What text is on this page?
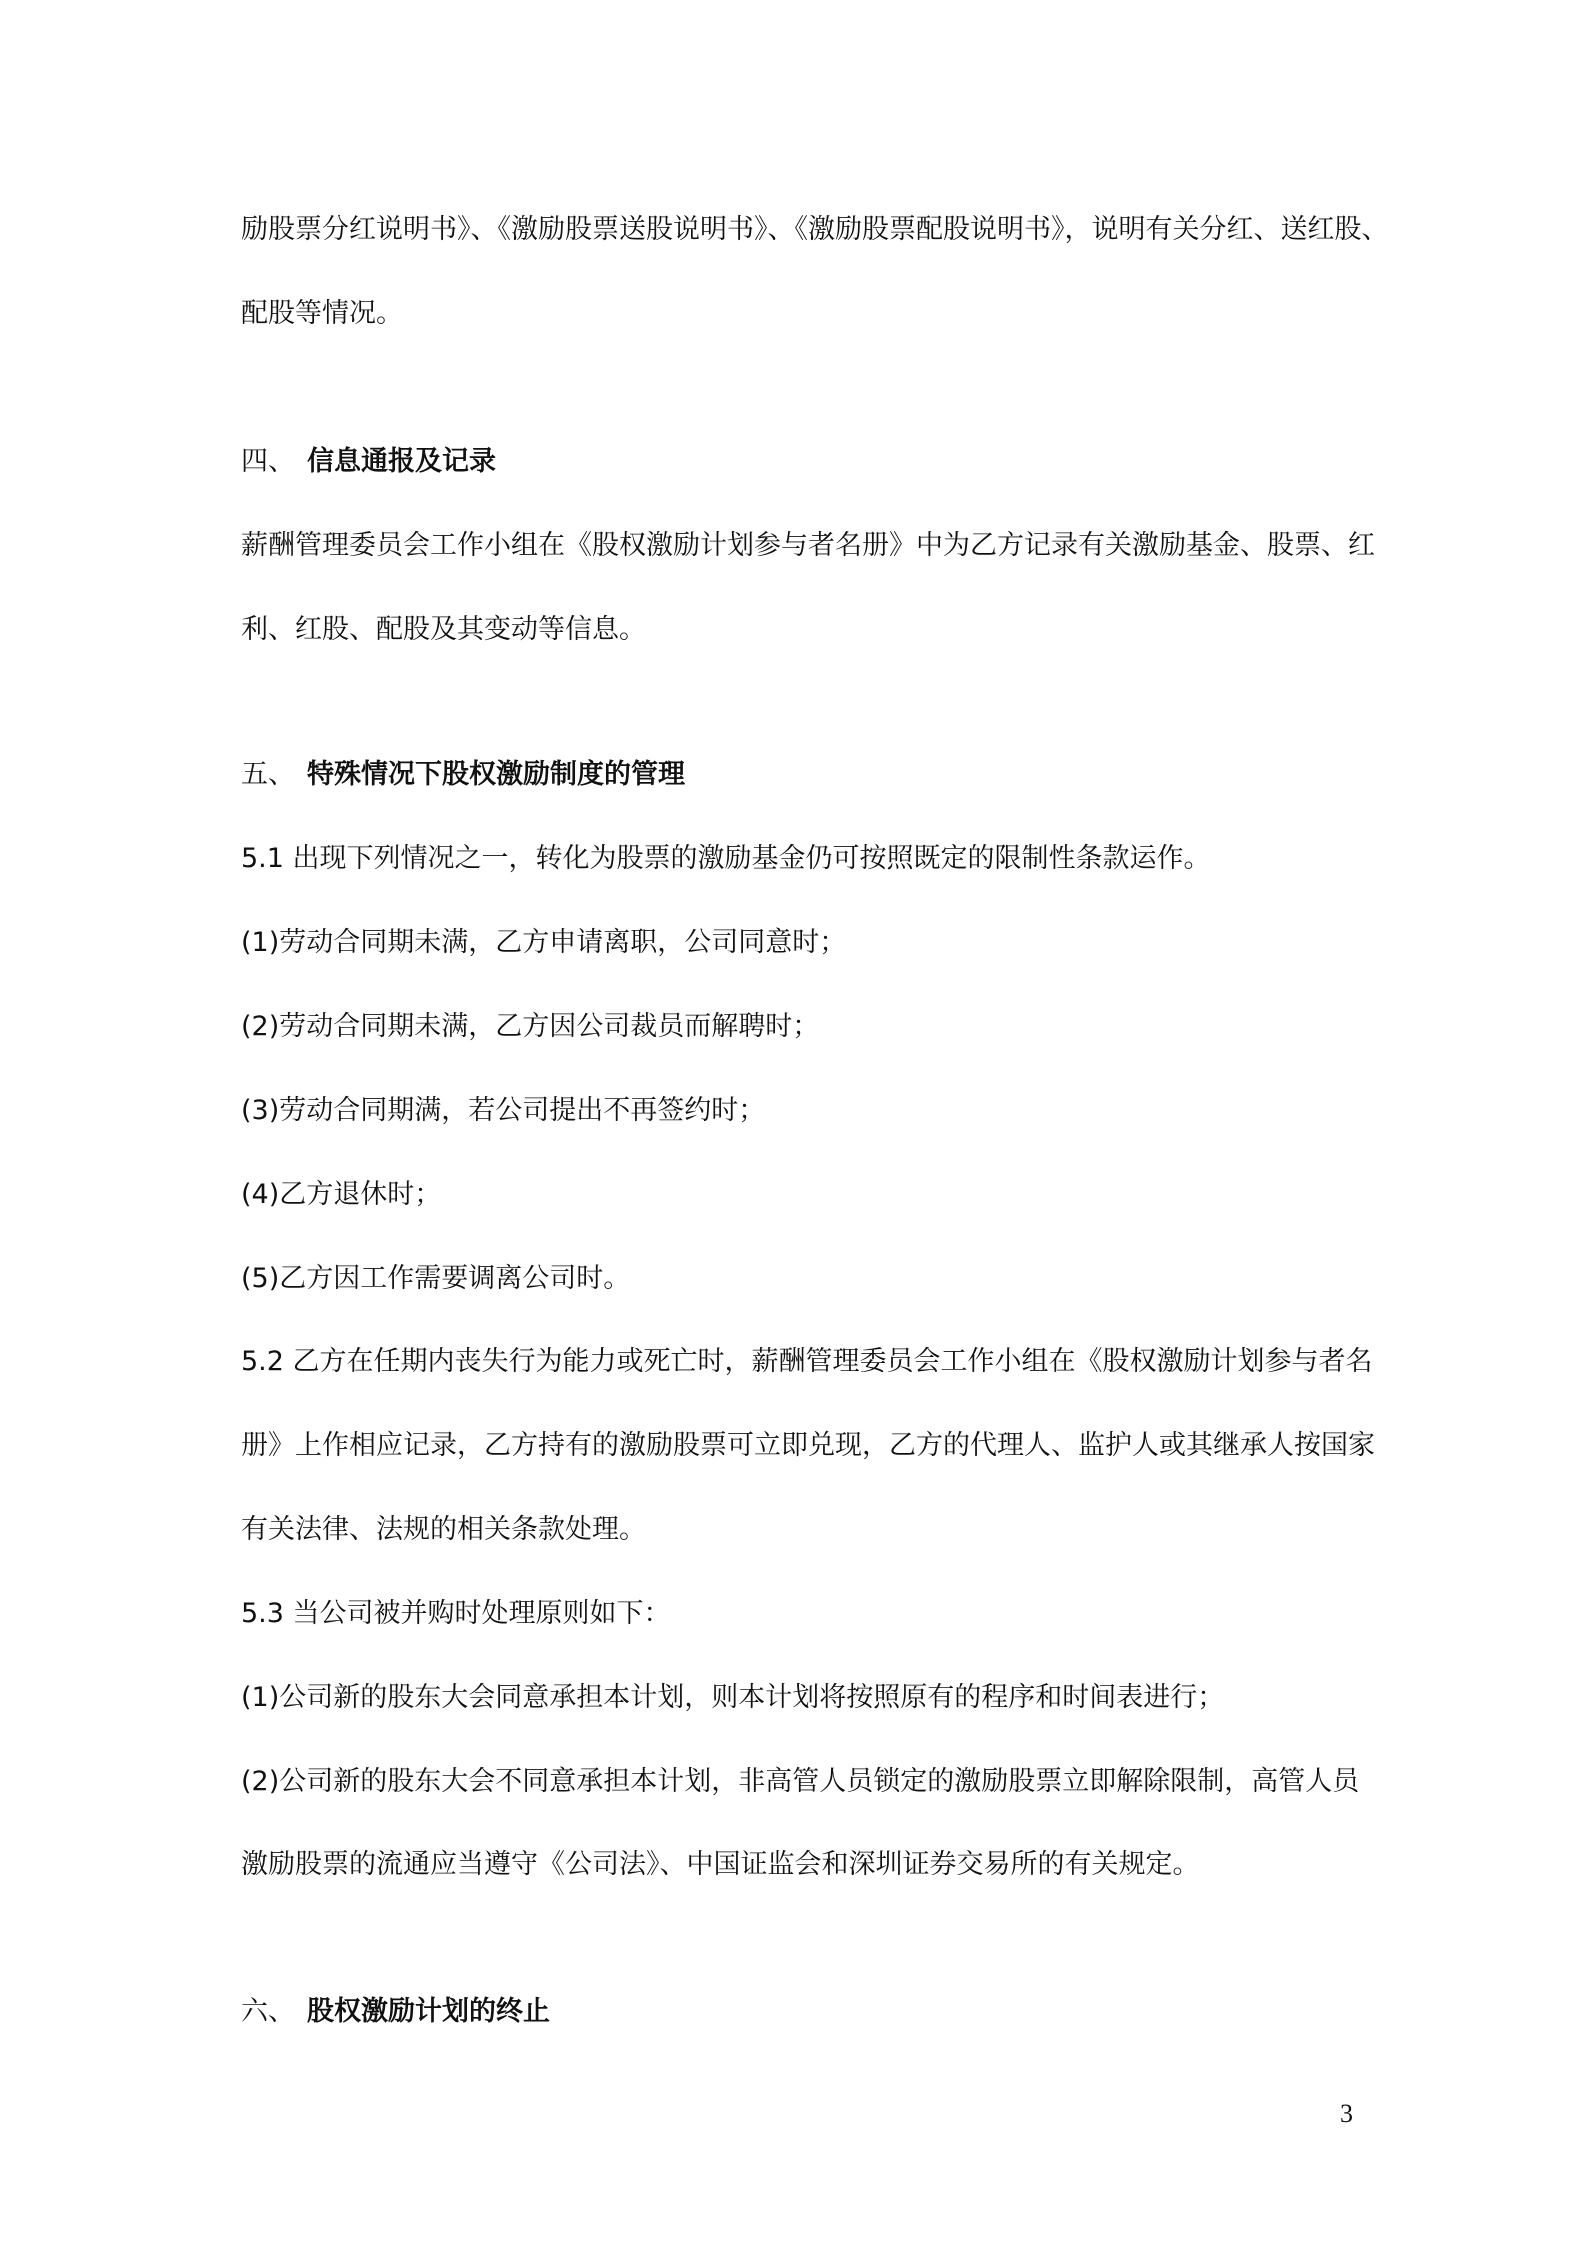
励股票分红说明书》、《激励股票送股说明书》、《激励股票配股说明书》，说明有关分红、送红股、
配股等情况。
四、 信息通报及记录
薪酬管理委员会工作小组在《股权激励计划参与者名册》中为乙方记录有关激励基金、股票、红
利、红股、配股及其变动等信息。
五、 特殊情况下股权激励制度的管理
5.1 出现下列情况之一，转化为股票的激励基金仍可按照既定的限制性条款运作。
(1)劳动合同期未满，乙方申请离职，公司同意时；
(2)劳动合同期未满，乙方因公司裁员而解聘时；
(3)劳动合同期满，若公司提出不再签约时；
(4)乙方退休时；
(5)乙方因工作需要调离公司时。
5.2 乙方在任期内丧失行为能力或死亡时，薪酬管理委员会工作小组在《股权激励计划参与者名
册》上作相应记录，乙方持有的激励股票可立即兑现，乙方的代理人、监护人或其继承人按国家
有关法律、法规的相关条款处理。
5.3 当公司被并购时处理原则如下：
(1)公司新的股东大会同意承担本计划，则本计划将按照原有的程序和时间表进行；
(2)公司新的股东大会不同意承担本计划，非高管人员锁定的激励股票立即解除限制，高管人员
激励股票的流通应当遵守《公司法》、中国证监会和深圳证券交易所的有关规定。
六、 股权激励计划的终止
3
